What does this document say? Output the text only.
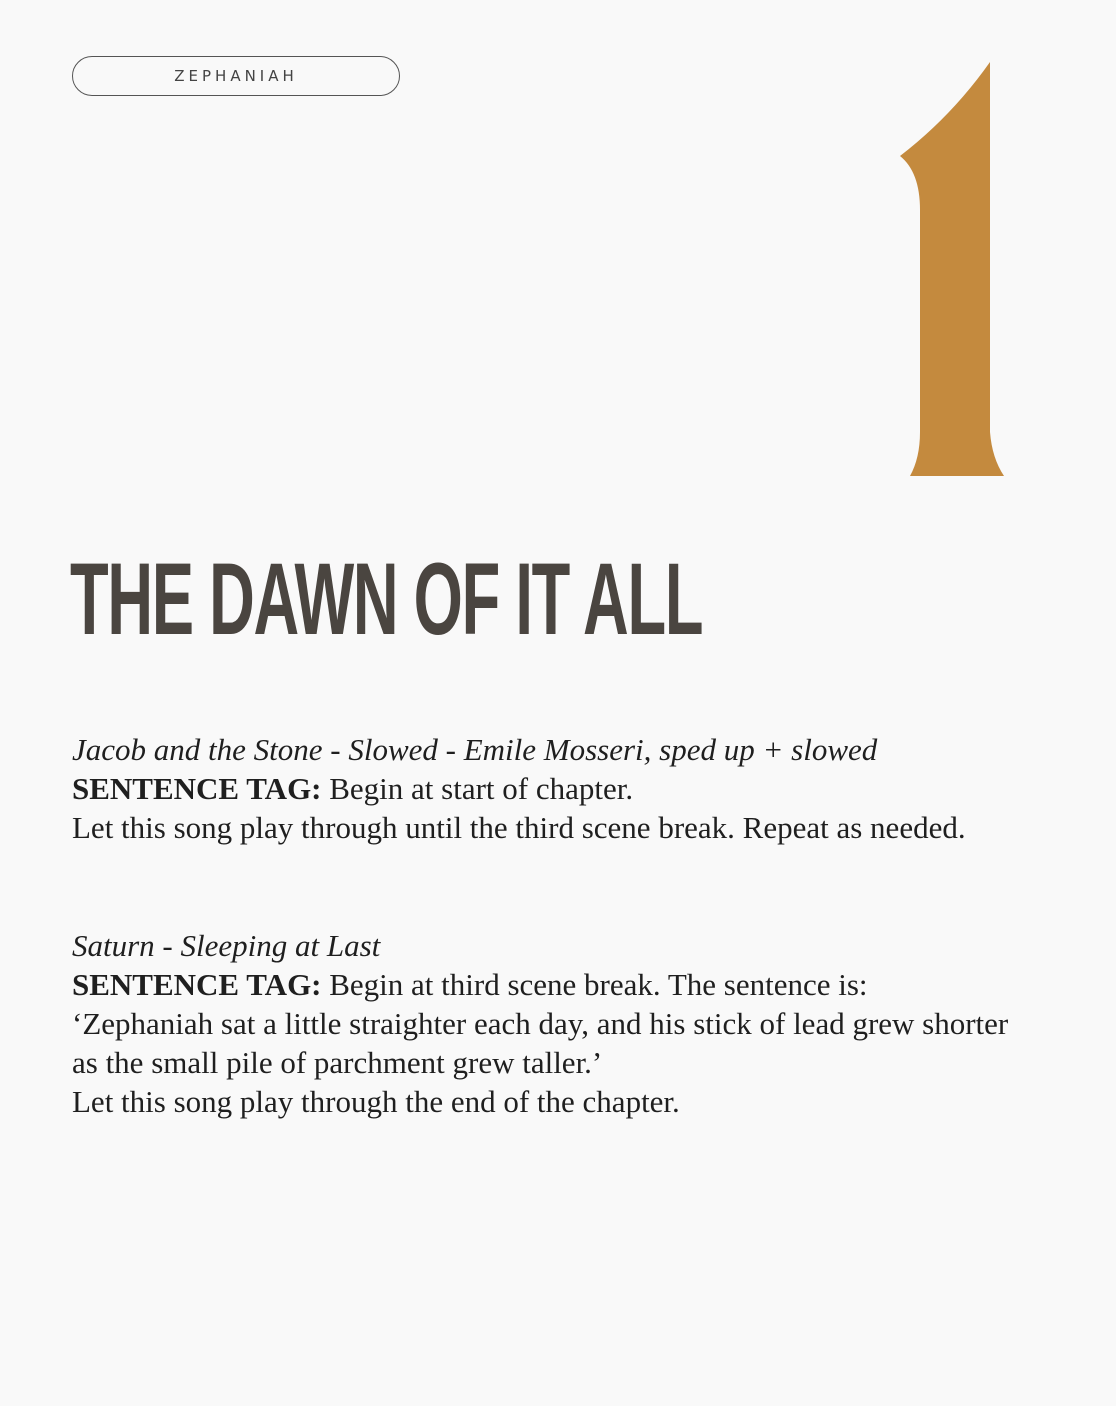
ZEPHANIAH
THE DAWN OF IT ALL
Jacob and the Stone - Slowed - Emile Mosseri, sped up + slowed
SENTENCE TAG: Begin at start of chapter.
Let this song play through until the third scene break. Repeat as needed.
Saturn - Sleeping at Last
SENTENCE TAG: Begin at third scene break. The sentence is:
‘Zephaniah sat a little straighter each day, and his stick of lead grew shorter
as the small pile of parchment grew taller.’
Let this song play through the end of the chapter.
